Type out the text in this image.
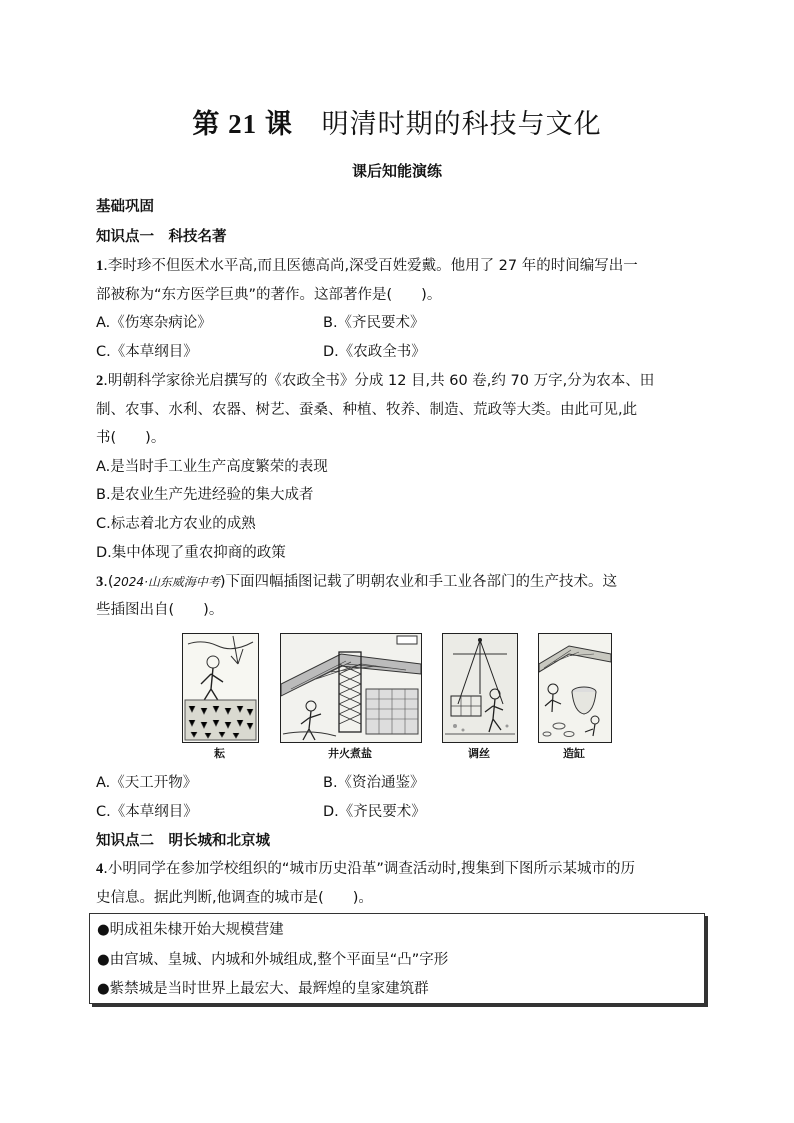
第 21 课 明清时期的科技与文化
课后知能演练
基础巩固
知识点一　科技名著
1.李时珍不但医术水平高,而且医德高尚,深受百姓爱戴。他用了 27 年的时间编写出一
部被称为“东方医学巨典”的著作。这部著作是(　　)。
A.《伤寒杂病论》	B.《齐民要术》
C.《本草纲目》	D.《农政全书》
2.明朝科学家徐光启撰写的《农政全书》分成 12 目,共 60 卷,约 70 万字,分为农本、田
制、农事、水利、农器、树艺、蚕桑、种植、牧养、制造、荒政等大类。由此可见,此
书(　　)。
A.是当时手工业生产高度繁荣的表现
B.是农业生产先进经验的集大成者
C.标志着北方农业的成熟
D.集中体现了重农抑商的政策
3.(2024·山东威海中考)下面四幅插图记载了明朝农业和手工业各部门的生产技术。这
些插图出自(　　)。
耘	井火煮盐	调丝	造缸
A.《天工开物》	B.《资治通鉴》
C.《本草纲目》	D.《齐民要术》
知识点二　明长城和北京城
4.小明同学在参加学校组织的“城市历史沿革”调查活动时,搜集到下图所示某城市的历
史信息。据此判断,他调查的城市是(　　)。
●明成祖朱棣开始大规模营建
●由宫城、皇城、内城和外城组成,整个平面呈“凸”字形
●紫禁城是当时世界上最宏大、最辉煌的皇家建筑群
